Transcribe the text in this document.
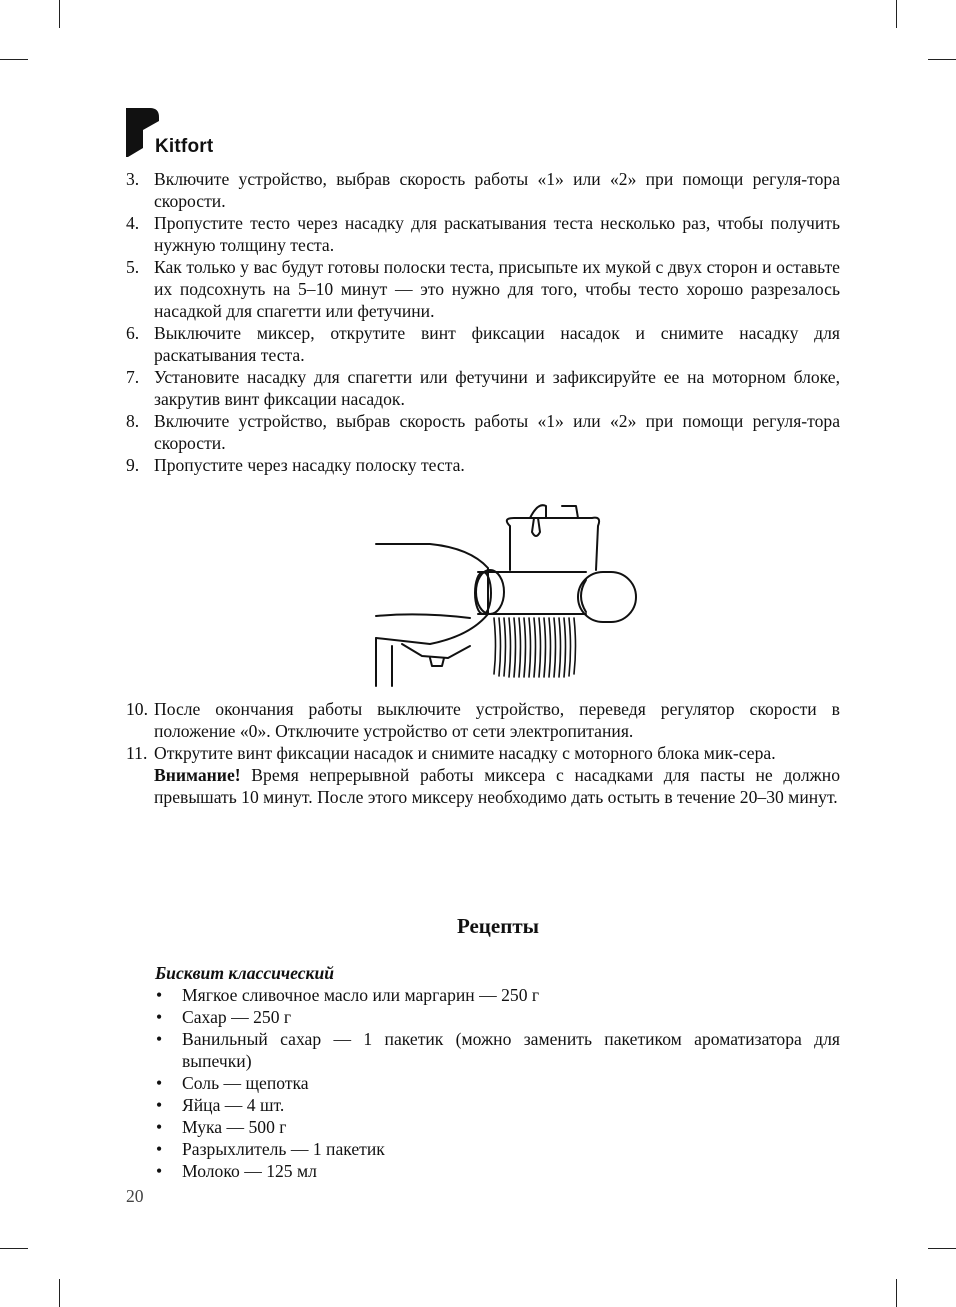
Kitfort
3. Включите устройство, выбрав скорость работы «1» или «2» при помощи регуля-тора скорости.
4. Пропустите тесто через насадку для раскатывания теста несколько раз, чтобы получить нужную толщину теста.
5. Как только у вас будут готовы полоски теста, присыпьте их мукой с двух сторон и оставьте их подсохнуть на 5–10 минут — это нужно для того, чтобы тесто хорошо разрезалось насадкой для спагетти или фетучини.
6. Выключите миксер, открутите винт фиксации насадок и снимите насадку для раскатывания теста.
7. Установите насадку для спагетти или фетучини и зафиксируйте ее на моторном блоке, закрутив винт фиксации насадок.
8. Включите устройство, выбрав скорость работы «1» или «2» при помощи регуля-тора скорости.
9. Пропустите через насадку полоску теста.
10. После окончания работы выключите устройство, переведя регулятор скорости в положение «0». Отключите устройство от сети электропитания.
11. Открутите винт фиксации насадок и снимите насадку с моторного блока мик-сера.
Внимание! Время непрерывной работы миксера с насадками для пасты не должно превышать 10 минут. После этого миксеру необходимо дать остыть в течение 20–30 минут.
Рецепты
Бисквит классический
•	Мягкое сливочное масло или маргарин — 250 г
•	Сахар — 250 г
•	Ванильный сахар — 1 пакетик (можно заменить пакетиком ароматизатора для выпечки)
•	Соль — щепотка
•	Яйца — 4 шт.
•	Мука — 500 г
•	Разрыхлитель — 1 пакетик
•	Молоко — 125 мл
20
